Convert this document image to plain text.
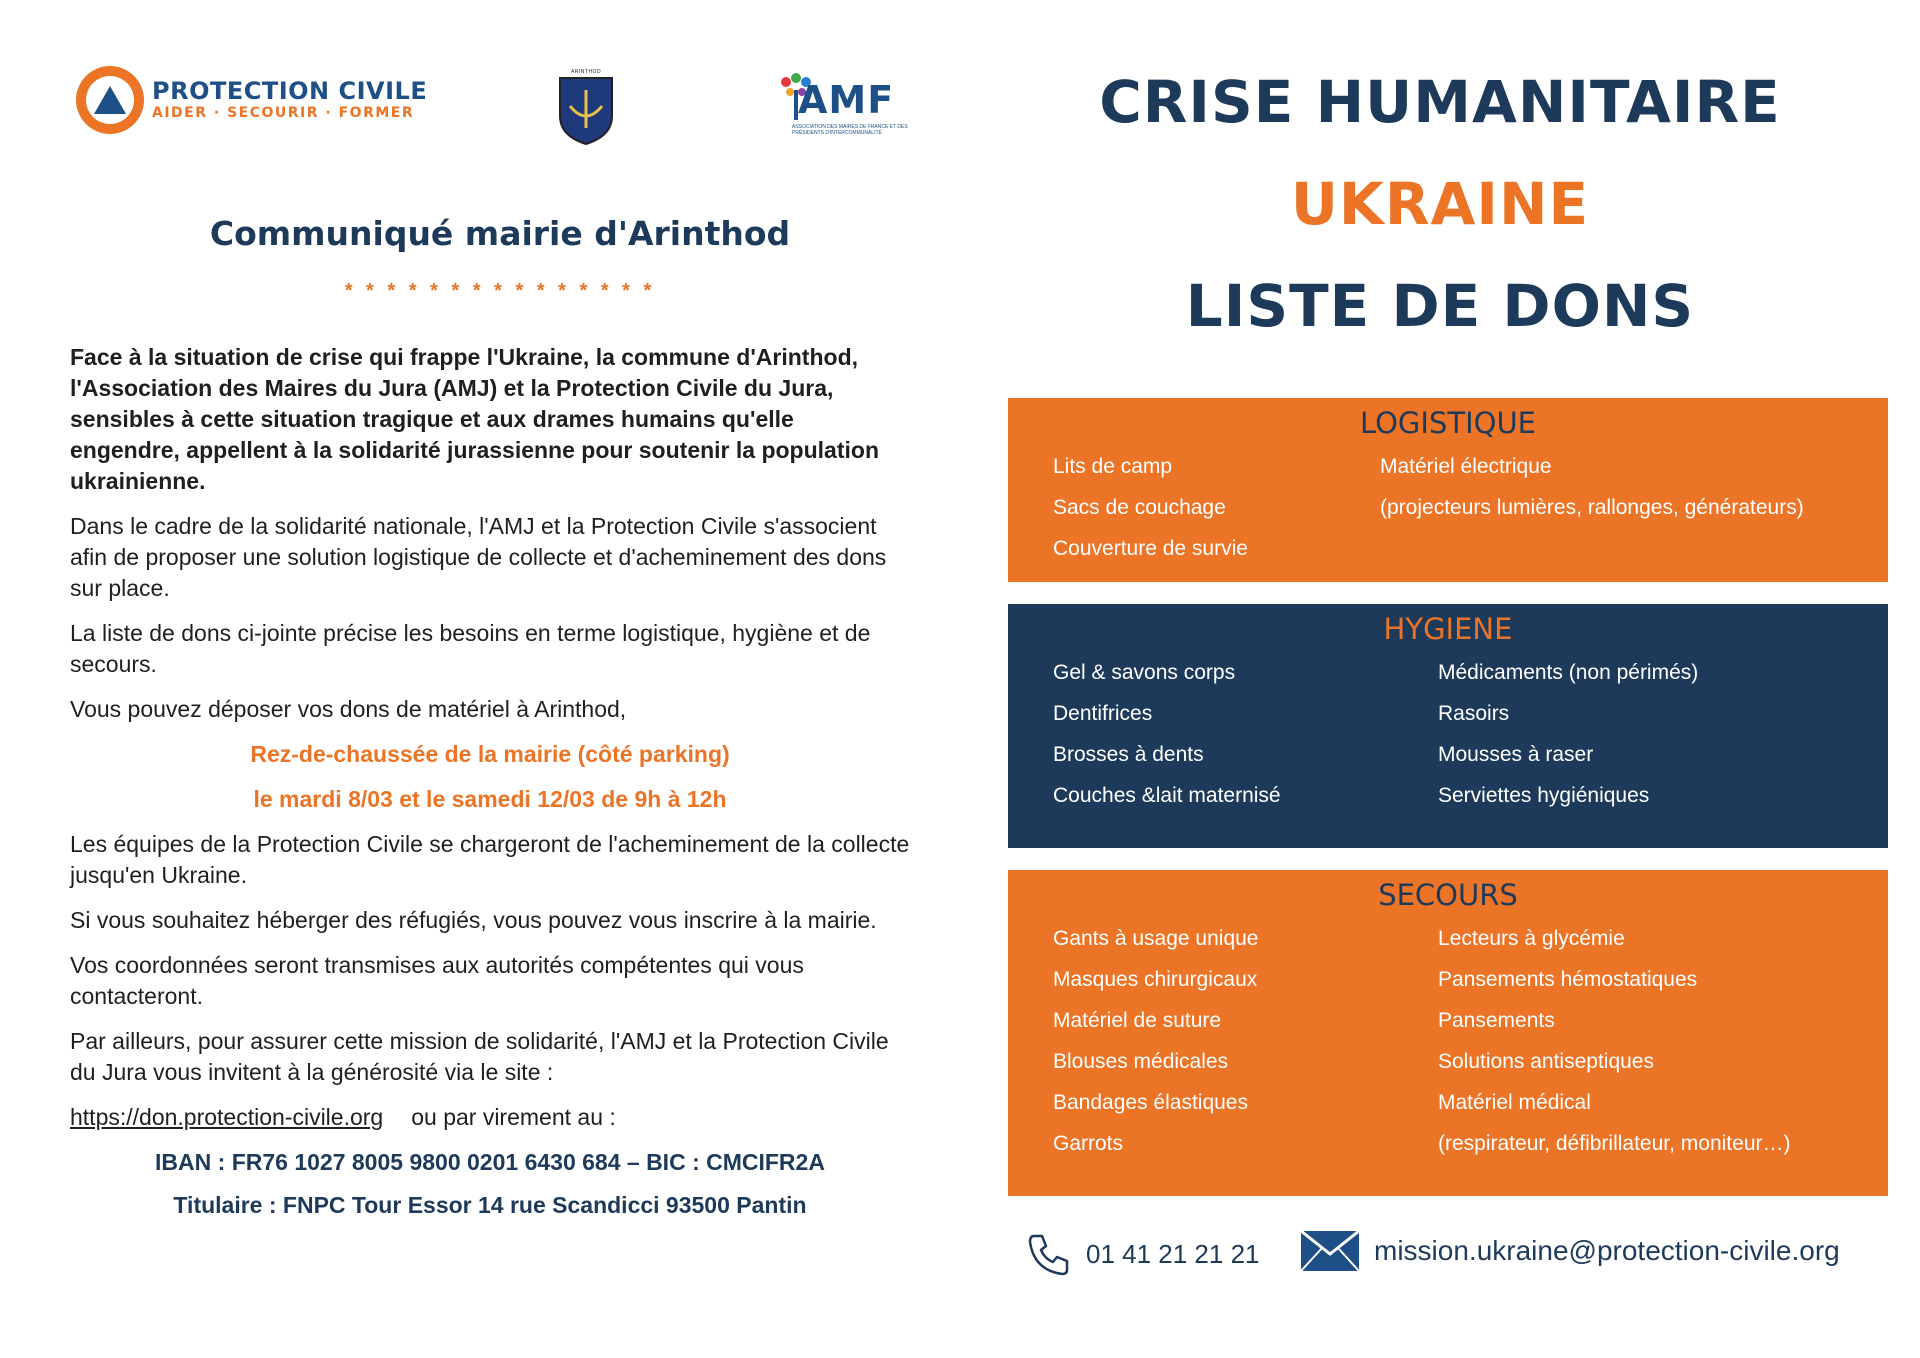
PROTECTION CIVILE
AIDER · SECOURIR · FORMER
ARINTHOD
AMF
ASSOCIATION DES MAIRES DE FRANCE ET DES PRÉSIDENTS D'INTERCOMMUNALITÉ
Communiqué mairie d'Arinthod
* * * * * * * * * * * * * * *

Face à la situation de crise qui frappe l'Ukraine, la commune d'Arinthod, l'Association des Maires du Jura (AMJ) et la Protection Civile du Jura, sensibles à cette situation tragique et aux drames humains qu'elle engendre, appellent à la solidarité jurassienne pour soutenir la population ukrainienne.

Dans le cadre de la solidarité nationale, l'AMJ et la Protection Civile s'associent afin de proposer une solution logistique de collecte et d'acheminement des dons sur place.

La liste de dons ci-jointe précise les besoins en terme logistique, hygiène et de secours.

Vous pouvez déposer vos dons de matériel à Arinthod,

Rez-de-chaussée de la mairie (côté parking)

le mardi 8/03 et le samedi 12/03 de 9h à 12h

Les équipes de la Protection Civile se chargeront de l'acheminement de la collecte jusqu'en Ukraine.

Si vous souhaitez héberger des réfugiés, vous pouvez vous inscrire à la mairie.

Vos coordonnées seront transmises aux autorités compétentes qui vous contacteront.

Par ailleurs, pour assurer cette mission de solidarité, l'AMJ et la Protection Civile du Jura vous invitent à la générosité via le site :

https://don.protection-civile.org ou par virement au :
IBAN : FR76 1027 8005 9800 0201 6430 684 – BIC : CMCIFR2A
Titulaire : FNPC Tour Essor 14 rue Scandicci 93500 Pantin
CRISE HUMANITAIRE
UKRAINE
LISTE DE DONS
LOGISTIQUE
Lits de camp
Sacs de couchage
Couverture de survie
Matériel électrique
(projecteurs lumières, rallonges, générateurs)
HYGIENE
Gel & savons corps
Dentifrices
Brosses à dents
Couches &lait maternisé
Médicaments (non périmés)
Rasoirs
Mousses à raser
Serviettes hygiéniques
SECOURS
Gants à usage unique
Masques chirurgicaux
Matériel de suture
Blouses médicales
Bandages élastiques
Garrots
Lecteurs à glycémie
Pansements hémostatiques
Pansements
Solutions antiseptiques
Matériel médical
(respirateur, défibrillateur, moniteur…)
01 41 21 21 21	mission.ukraine@protection-civile.org
